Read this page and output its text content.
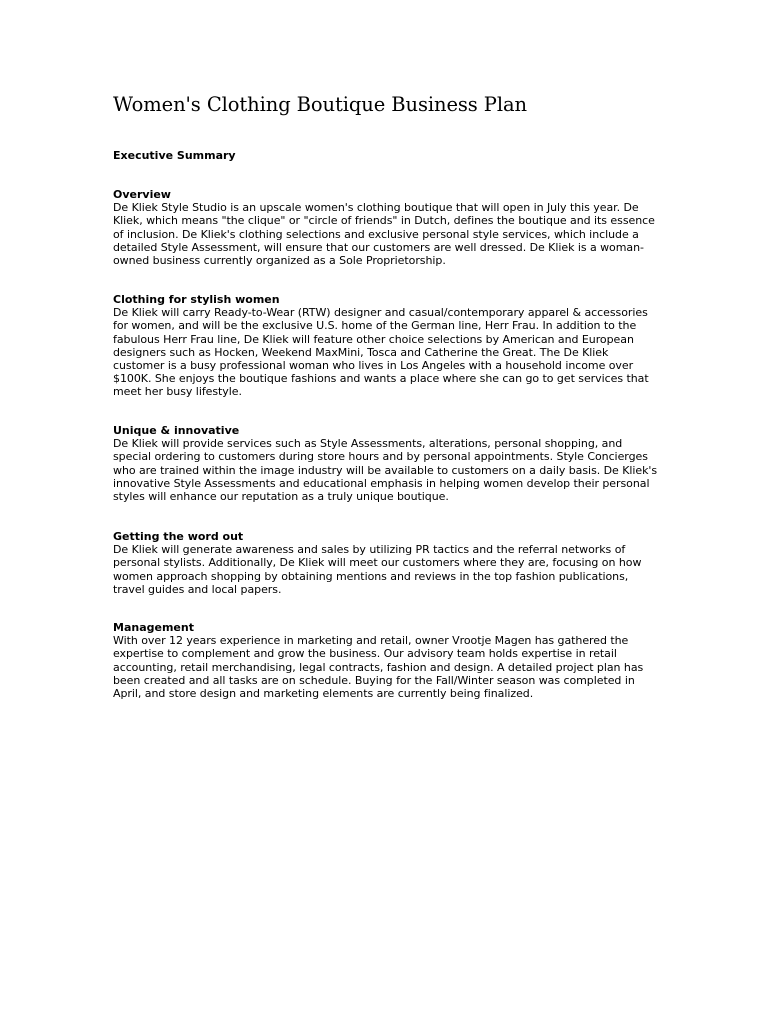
Women's Clothing Boutique Business Plan
Executive Summary
Overview

De Kliek Style Studio is an upscale women's clothing boutique that will open in July this year. De Kliek, which means "the clique" or "circle of friends" in Dutch, defines the boutique and its essence of inclusion. De Kliek's clothing selections and exclusive personal style services, which include a detailed Style Assessment, will ensure that our customers are well dressed. De Kliek is a woman-owned business currently organized as a Sole Proprietorship.

Clothing for stylish women

De Kliek will carry Ready-to-Wear (RTW) designer and casual/contemporary apparel & accessories for women, and will be the exclusive U.S. home of the German line, Herr Frau. In addition to the fabulous Herr Frau line, De Kliek will feature other choice selections by American and European designers such as Hocken, Weekend MaxMini, Tosca and Catherine the Great. The De Kliek customer is a busy professional woman who lives in Los Angeles with a household income over $100K. She enjoys the boutique fashions and wants a place where she can go to get services that meet her busy lifestyle.

Unique & innovative

De Kliek will provide services such as Style Assessments, alterations, personal shopping, and special ordering to customers during store hours and by personal appointments. Style Concierges who are trained within the image industry will be available to customers on a daily basis. De Kliek's innovative Style Assessments and educational emphasis in helping women develop their personal styles will enhance our reputation as a truly unique boutique.

Getting the word out

De Kliek will generate awareness and sales by utilizing PR tactics and the referral networks of personal stylists. Additionally, De Kliek will meet our customers where they are, focusing on how women approach shopping by obtaining mentions and reviews in the top fashion publications, travel guides and local papers.

Management

With over 12 years experience in marketing and retail, owner Vrootje Magen has gathered the expertise to complement and grow the business. Our advisory team holds expertise in retail accounting, retail merchandising, legal contracts, fashion and design. A detailed project plan has been created and all tasks are on schedule. Buying for the Fall/Winter season was completed in April, and store design and marketing elements are currently being finalized.
